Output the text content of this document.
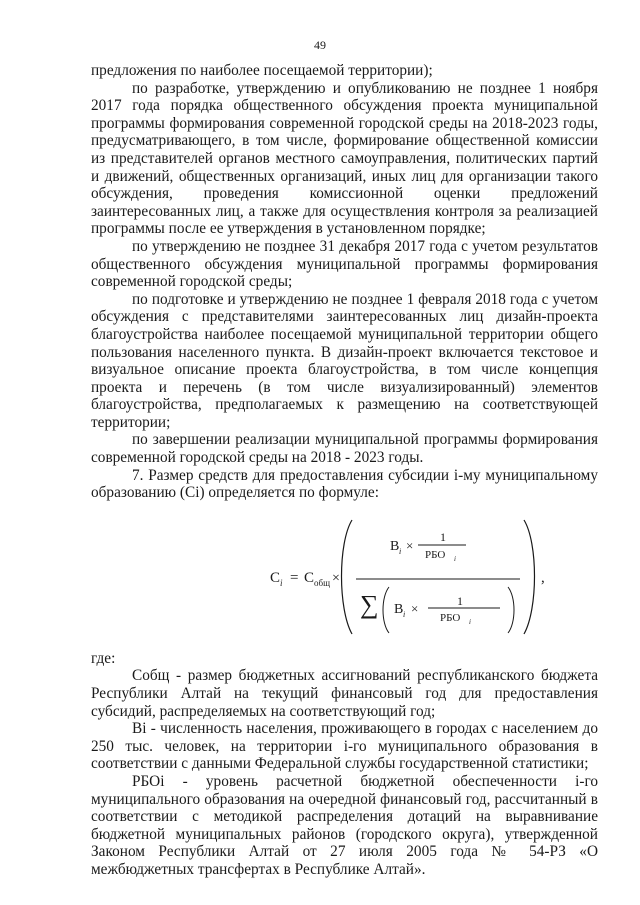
49

предложения по наиболее посещаемой территории);

по разработке, утверждению и опубликованию не позднее 1 ноября 2017 года порядка общественного обсуждения проекта муниципальной программы формирования современной городской среды на 2018-2023 годы, предусматривающего, в том числе, формирование общественной комиссии из представителей органов местного самоуправления, политических партий и движений, общественных организаций, иных лиц для организации такого обсуждения, проведения комиссионной оценки предложений заинтересованных лиц, а также для осуществления контроля за реализацией программы после ее утверждения в установленном порядке;

по утверждению не позднее 31 декабря 2017 года с учетом результатов общественного обсуждения муниципальной программы формирования современной городской среды;

по подготовке и утверждению не позднее 1 февраля 2018 года с учетом обсуждения с представителями заинтересованных лиц дизайн-проекта благоустройства наиболее посещаемой муниципальной территории общего пользования населенного пункта. В дизайн-проект включается текстовое и визуальное описание проекта благоустройства, в том числе концепция проекта и перечень (в том числе визуализированный) элементов благоустройства, предполагаемых к размещению на соответствующей территории;

по завершении реализации муниципальной программы формирования современной городской среды на 2018 - 2023 годы.

7. Размер средств для предоставления субсидии i-му муниципальному образованию (Ci) определяется по формуле:

C i = C общ ×
B i ×
1
РБО i
∑ B i ×	1
РБО i
,

где:

Cобщ - размер бюджетных ассигнований республиканского бюджета Республики Алтай на текущий финансовый год для предоставления субсидий, распределяемых на соответствующий год;

Bi - численность населения, проживающего в городах с населением до 250 тыс. человек, на территории i-го муниципального образования в соответствии с данными Федеральной службы государственной статистики;

РБОi - уровень расчетной бюджетной обеспеченности i-го муниципального образования на очередной финансовый год, рассчитанный в соответствии с методикой распределения дотаций на выравнивание бюджетной муниципальных районов (городского округа), утвержденной Законом Республики Алтай от 27 июля 2005 года № 54-РЗ «О межбюджетных трансфертах в Республике Алтай».
